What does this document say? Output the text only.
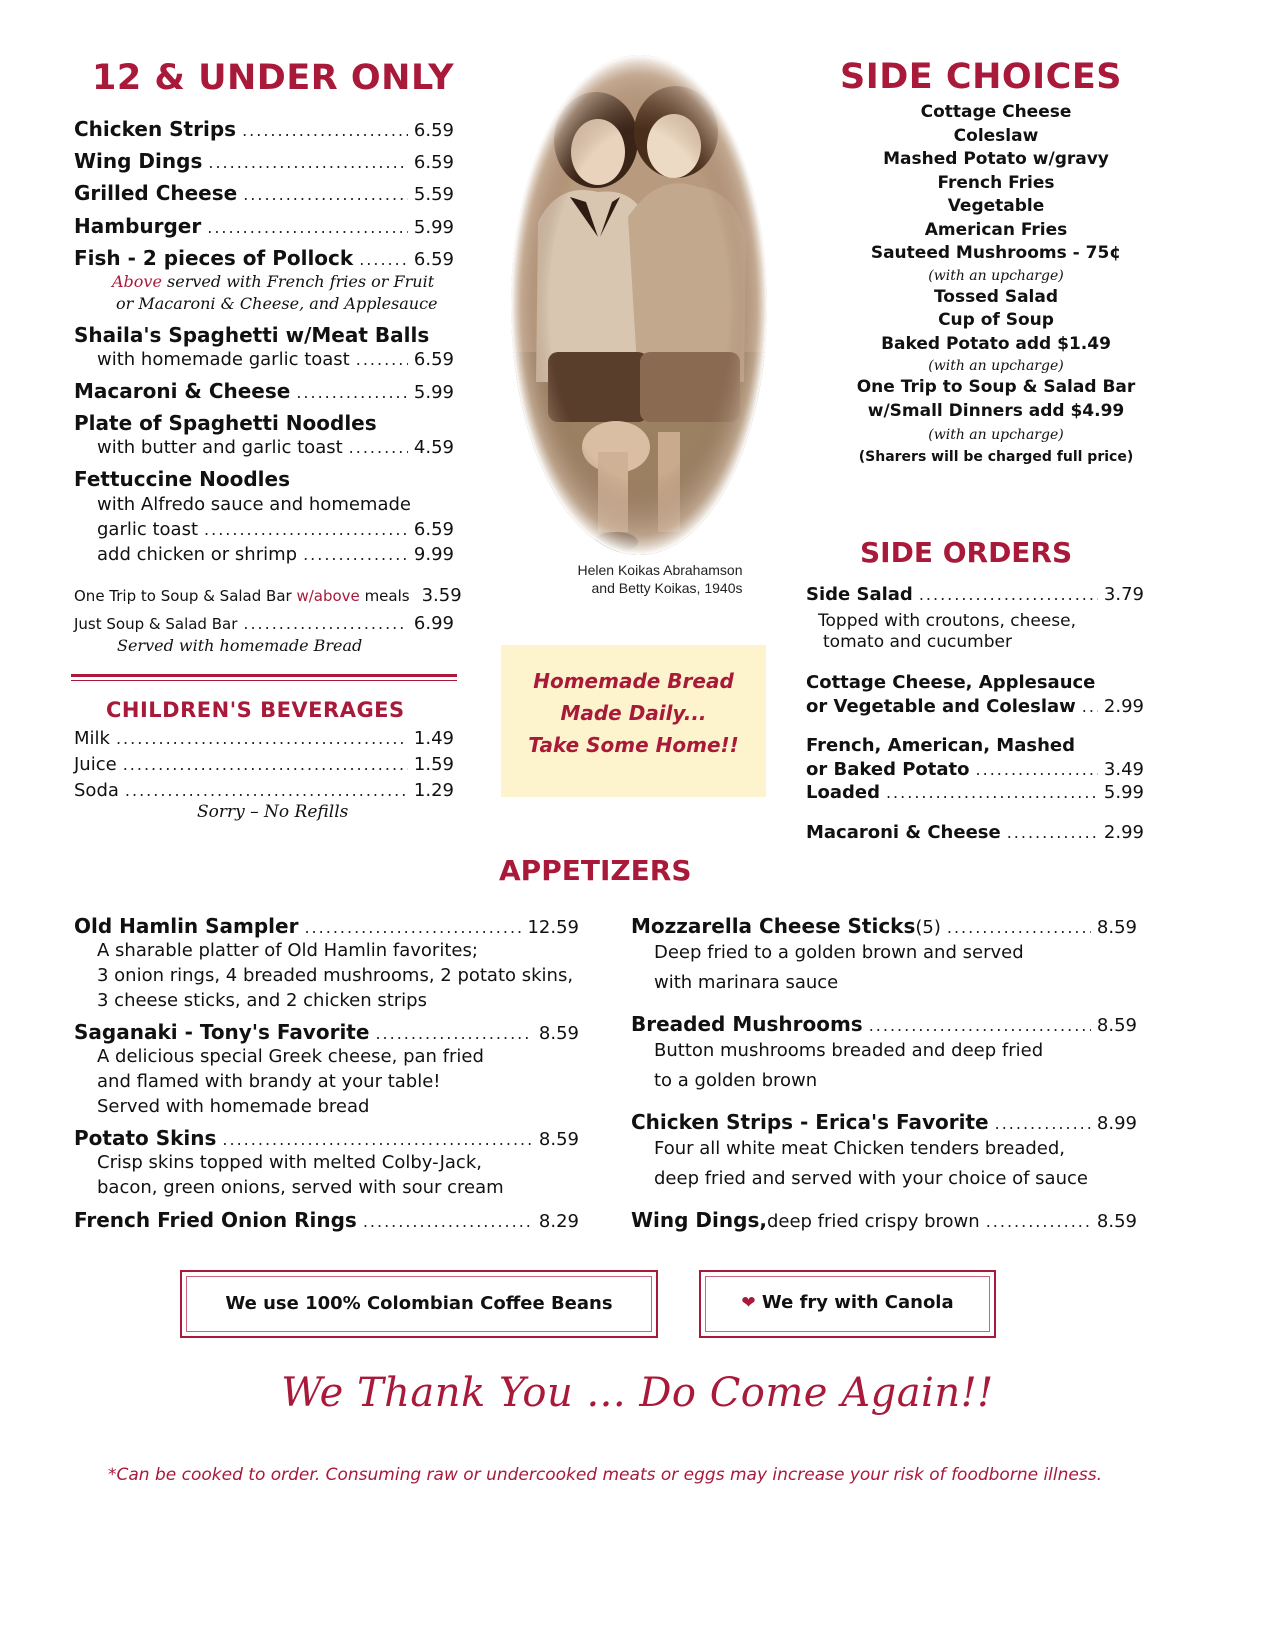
12 & UNDER ONLY
Chicken Strips .....	6.59
Wing Dings .....	6.59
Grilled Cheese .....	5.59
Hamburger .....	5.99
Fish - 2 pieces of Pollock .....	6.59
Above served with French fries or Fruit
or Macaroni & Cheese, and Applesauce
Shaila's Spaghetti w/Meat Balls
with homemade garlic toast .....	6.59
Macaroni & Cheese .....	5.99
Plate of Spaghetti Noodles
with butter and garlic toast .....	4.59
Fettuccine Noodles
with Alfredo sauce and homemade
garlic toast .....	6.59
add chicken or shrimp .....	9.99
One Trip to Soup & Salad Bar w/above meals 3.59
Just Soup & Salad Bar .....	6.99
Served with homemade Bread
CHILDREN'S BEVERAGES
Milk .....	1.49
Juice .....	1.59
Soda .....	1.29
Sorry – No Refills
Helen Koikas Abrahamson
and Betty Koikas, 1940s
Homemade Bread
Made Daily...
Take Some Home!!
SIDE CHOICES
Cottage Cheese
Coleslaw
Mashed Potato w/gravy
French Fries
Vegetable
American Fries
Sauteed Mushrooms - 75¢
(with an upcharge)
Tossed Salad
Cup of Soup
Baked Potato add $1.49
(with an upcharge)
One Trip to Soup & Salad Bar
w/Small Dinners add $4.99
(with an upcharge)
(Sharers will be charged full price)
SIDE ORDERS
Side Salad .....	3.79
Topped with croutons, cheese,
tomato and cucumber
Cottage Cheese, Applesauce
or Vegetable and Coleslaw ..... 2.99
French, American, Mashed
or Baked Potato .....	3.49
Loaded .....	5.99
Macaroni & Cheese .....	2.99
APPETIZERS
Old Hamlin Sampler .....	12.59
A sharable platter of Old Hamlin favorites;
3 onion rings, 4 breaded mushrooms, 2 potato skins,
3 cheese sticks, and 2 chicken strips
Saganaki - Tony's Favorite .....	8.59
A delicious special Greek cheese, pan fried
and flamed with brandy at your table!
Served with homemade bread
Potato Skins .....	8.59
Crisp skins topped with melted Colby-Jack,
bacon, green onions, served with sour cream
French Fried Onion Rings .....	8.29
Mozzarella Cheese Sticks (5) .....	8.59
Deep fried to a golden brown and served
with marinara sauce
Breaded Mushrooms .....	8.59
Button mushrooms breaded and deep fried
to a golden brown
Chicken Strips - Erica's Favorite .....	8.99
Four all white meat Chicken tenders breaded,
deep fried and served with your choice of sauce
Wing Dings, deep fried crispy brown .....	8.59
We use 100% Colombian Coffee Beans	❤ We fry with Canola
We Thank You ... Do Come Again!!
*Can be cooked to order. Consuming raw or undercooked meats or eggs may increase your risk of foodborne illness.
